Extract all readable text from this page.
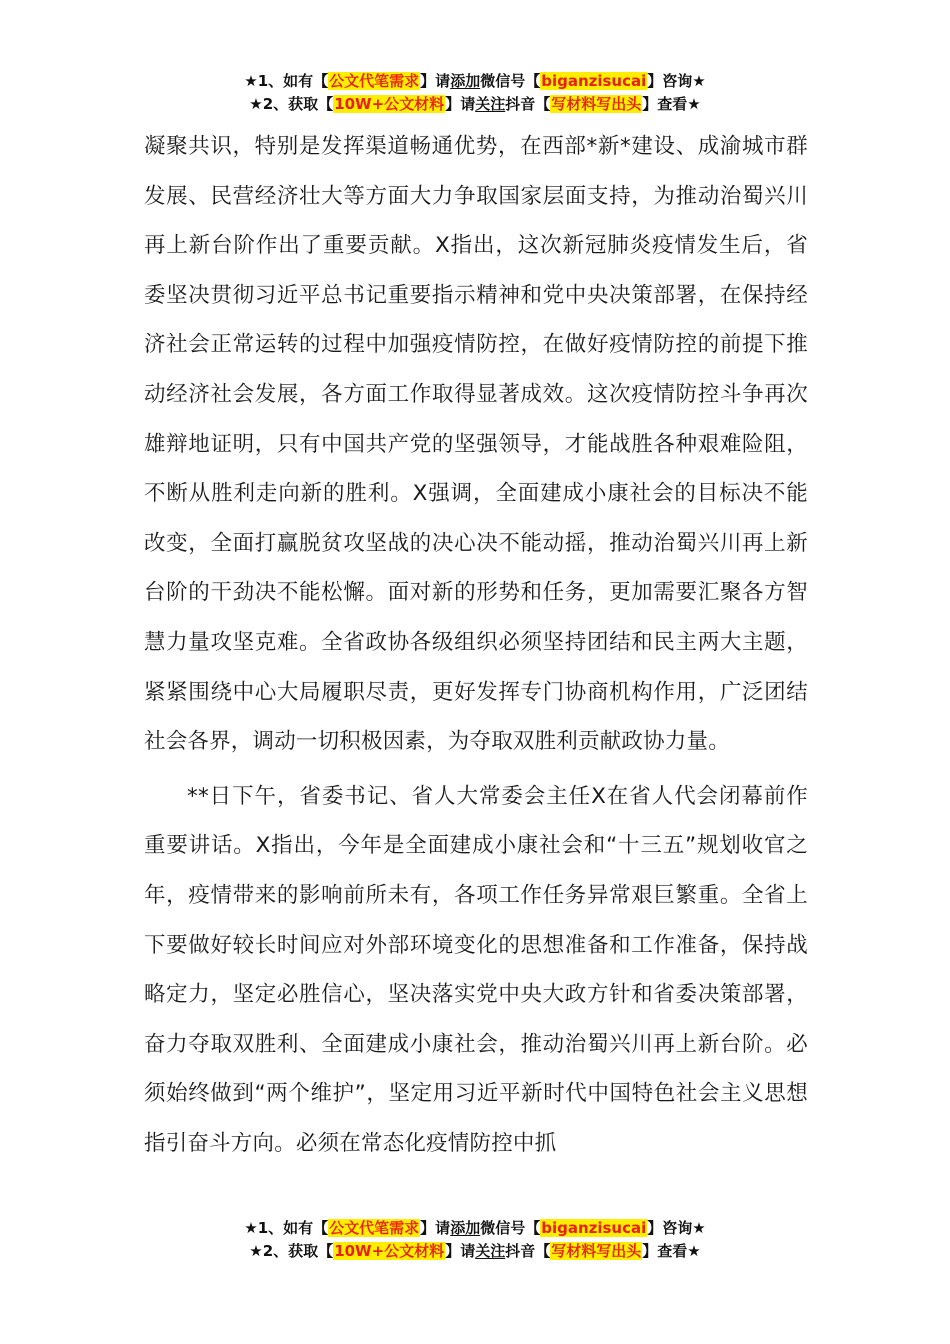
★1、如有【公文代笔需求】请添加微信号【biganzisucai】咨询★
★2、获取【10W+公文材料】请关注抖音【写材料写出头】查看★

凝聚共识，特别是发挥渠道畅通优势，在西部*新*建设、成渝城市群发展、民营经济壮大等方面大力争取国家层面支持，为推动治蜀兴川再上新台阶作出了重要贡献。X指出，这次新冠肺炎疫情发生后，省委坚决贯彻习近平总书记重要指示精神和党中央决策部署，在保持经济社会正常运转的过程中加强疫情防控，在做好疫情防控的前提下推动经济社会发展，各方面工作取得显著成效。这次疫情防控斗争再次雄辩地证明，只有中国共产党的坚强领导，才能战胜各种艰难险阻，不断从胜利走向新的胜利。X强调，全面建成小康社会的目标决不能改变，全面打赢脱贫攻坚战的决心决不能动摇，推动治蜀兴川再上新台阶的干劲决不能松懈。面对新的形势和任务，更加需要汇聚各方智慧力量攻坚克难。全省政协各级组织必须坚持团结和民主两大主题，紧紧围绕中心大局履职尽责，更好发挥专门协商机构作用，广泛团结社会各界，调动一切积极因素，为夺取双胜利贡献政协力量。

**日下午，省委书记、省人大常委会主任X在省人代会闭幕前作重要讲话。X指出，今年是全面建成小康社会和“十三五”规划收官之年，疫情带来的影响前所未有，各项工作任务异常艰巨繁重。全省上下要做好较长时间应对外部环境变化的思想准备和工作准备，保持战略定力，坚定必胜信心，坚决落实党中央大政方针和省委决策部署，奋力夺取双胜利、全面建成小康社会，推动治蜀兴川再上新台阶。必须始终做到“两个维护”，坚定用习近平新时代中国特色社会主义思想指引奋斗方向。必须在常态化疫情防控中抓

★1、如有【公文代笔需求】请添加微信号【biganzisucai】咨询★
★2、获取【10W+公文材料】请关注抖音【写材料写出头】查看★
